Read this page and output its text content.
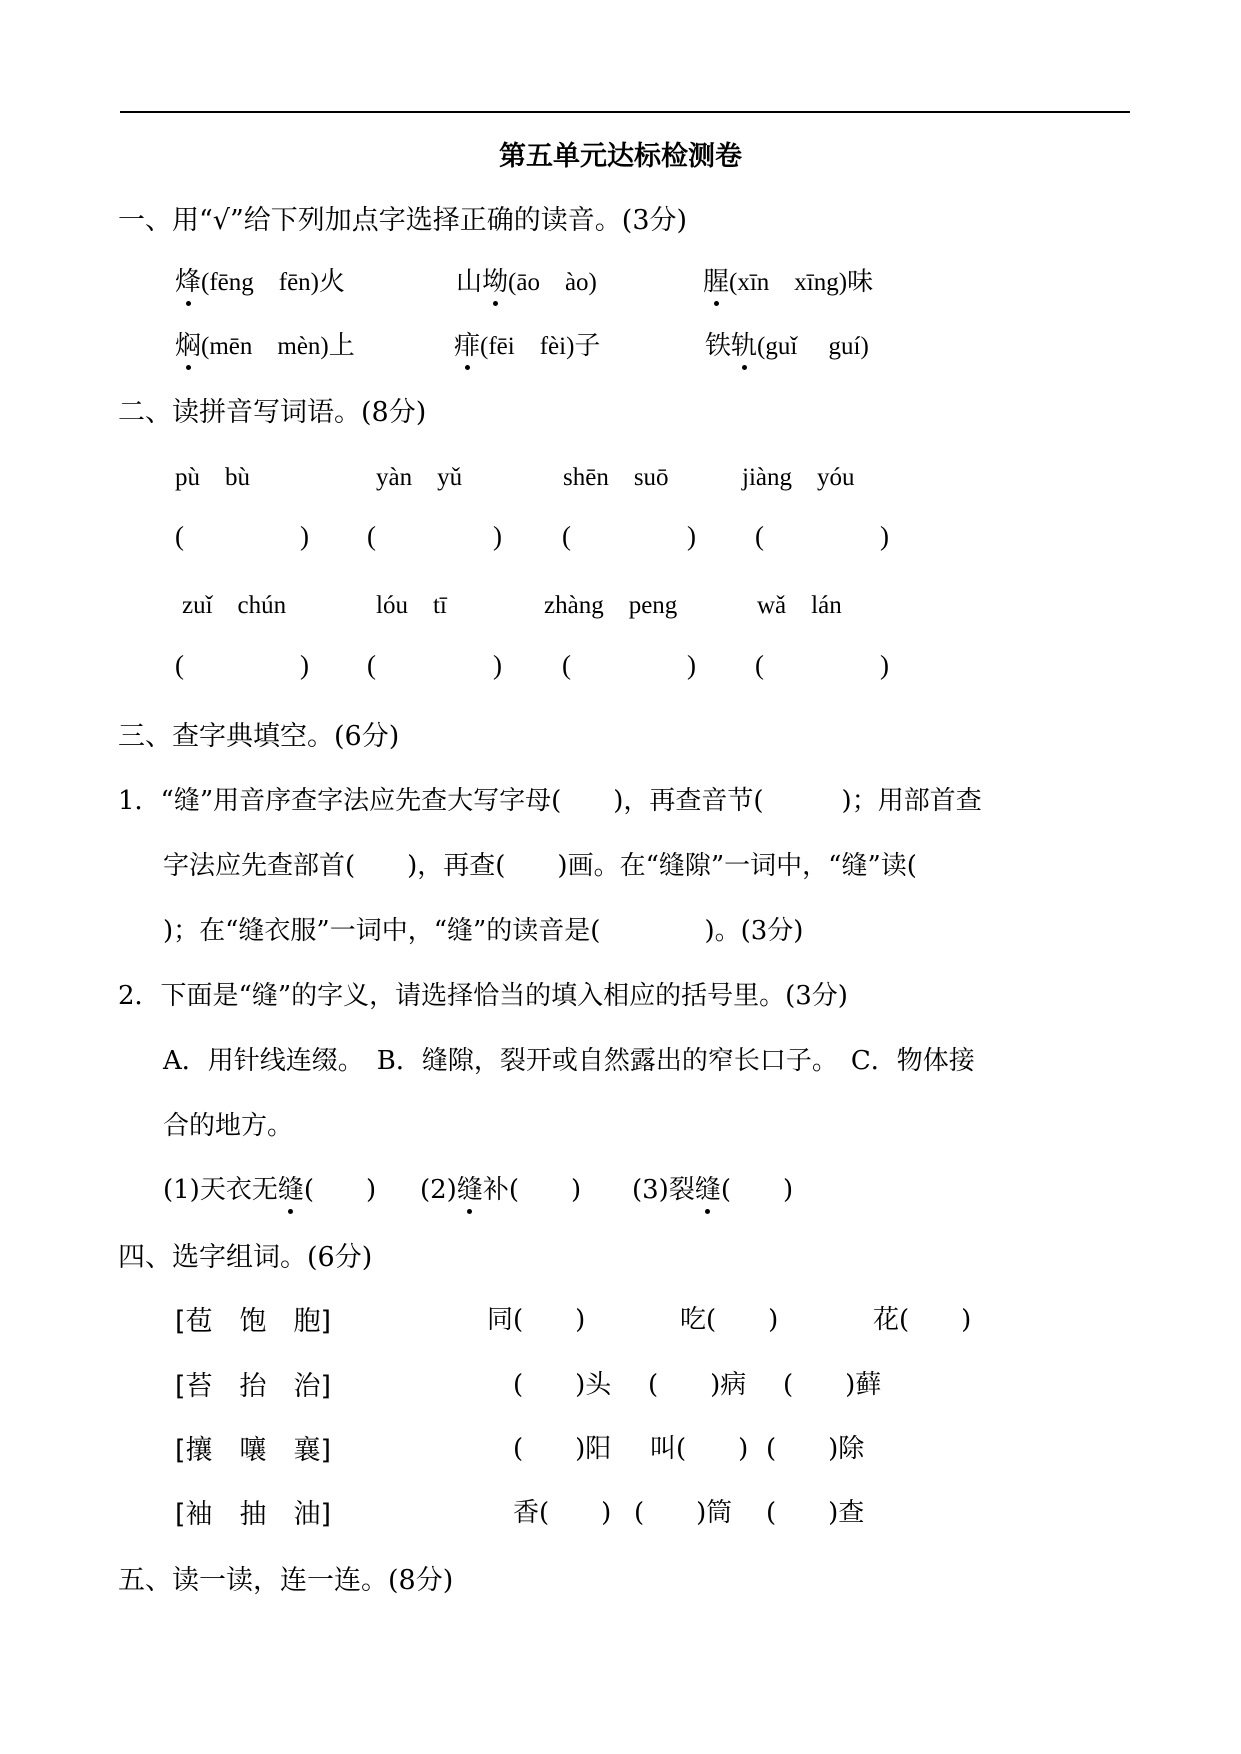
第五单元达标检测卷
一、用“√”给下列加点字选择正确的读音。(3分)
烽(fēng　fēn)火	山坳(āo　ào)	腥(xīn　xīng)味
焖(mēn　mèn)上	痱(fēi　fèi)子	铁轨(guǐ　 guí)
二、读拼音写词语。(8分)
pù　bù	yàn　yǔ	shēn　suō	jiàng　yóu
(	) (	) (	) (	)
zuǐ　chún	lóu　tī	zhàng　peng	wǎ　lán
(	) (	) (	) (	)
三、查字典填空。(6分)
1．“缝”用音序查字法应先查大写字母(　　)，再查音节(　　　)；用部首查
字法应先查部首(　　)，再查(　　)画。在“缝隙”一词中，“缝”读(
)；在“缝衣服”一词中，“缝”的读音是(　　　　)。(3分)
2．下面是“缝”的字义，请选择恰当的填入相应的括号里。(3分)
A．用针线连缀。　B．缝隙，裂开或自然露出的窄长口子。　C．物体接
合的地方。
(1)天衣无缝(　　) (2)缝补(　　) (3)裂缝(　　)
四、选字组词。(6分)
[苞　饱　胞]	同(　　)	吃(　　)	花(　　)
[苔　抬　治]	(　　)头 (　　)病 (　　)藓
[攘　嚷　襄]	(　　)阳 叫(　　) (　　)除
[袖　抽　油]	香(　　) (　　)筒 (　　)查
五、读一读，连一连。(8分)
